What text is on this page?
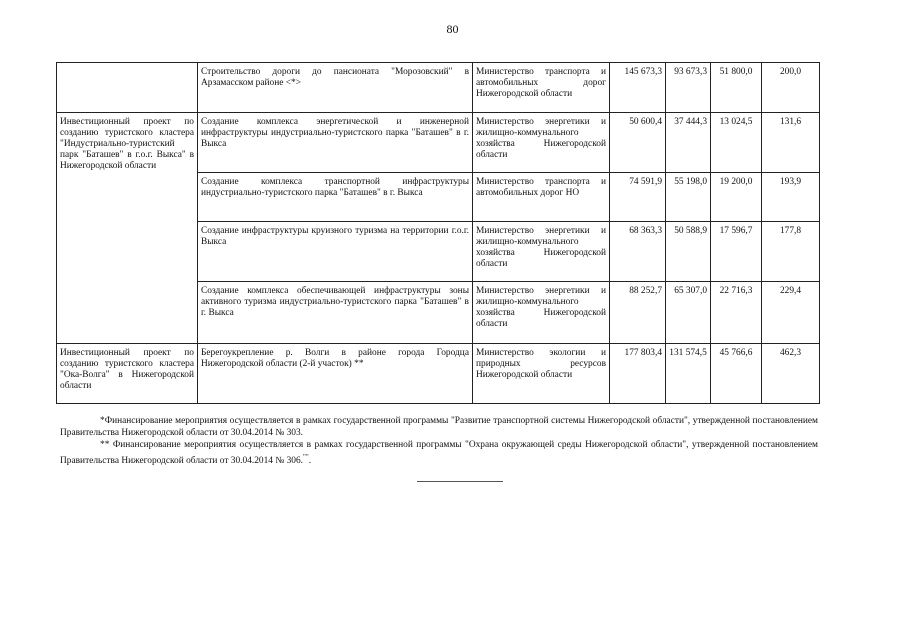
80
	Строительство дороги до пансионата "Морозовский" в Арзамасском районе <*>	Министерство транспорта и автомобильных дорог Нижегородской области	145 673,3	93 673,3	51 800,0	200,0
Инвестиционный проект по созданию туристского кластера "Индустриально-туристский парк "Баташев" в г.о.г. Выкса" в Нижегородской области	Создание комплекса энергетической и инженерной инфраструктуры индустриально-туристского парка "Баташев" в г. Выкса	Министерство энергетики и жилищно-коммунального хозяйства Нижегородской области	50 600,4	37 444,3	13 024,5	131,6
	Создание комплекса транспортной инфраструктуры индустриально-туристского парка "Баташев" в г. Выкса	Министерство транспорта и автомобильных дорог НО	74 591,9	55 198,0	19 200,0	193,9
	Создание инфраструктуры круизного туризма на территории г.о.г. Выкса	Министерство энергетики и жилищно-коммунального хозяйства Нижегородской области	68 363,3	50 588,9	17 596,7	177,8
	Создание комплекса обеспечивающей инфраструктуры зоны активного туризма индустриально-туристского парка "Баташев" в г. Выкса	Министерство энергетики и жилищно-коммунального хозяйства Нижегородской области	88 252,7	65 307,0	22 716,3	229,4
Инвестиционный проект по созданию туристского кластера "Ока-Волга" в Нижегородской области	Берегоукрепление р. Волги в районе города Городца Нижегородской области (2-й участок) **	Министерство экологии и природных ресурсов Нижегородской области	177 803,4	131 574,5	45 766,6	462,3

*Финансирование мероприятия осуществляется в рамках государственной программы "Развитие транспортной системы Нижегородской области", утвержденной постановлением Правительства Нижегородской области от 30.04.2014 № 303.

** Финансирование мероприятия осуществляется в рамках государственной программы "Охрана окружающей среды Нижегородской области", утвержденной постановлением Правительства Нижегородской области от 30.04.2014 № 306."".
